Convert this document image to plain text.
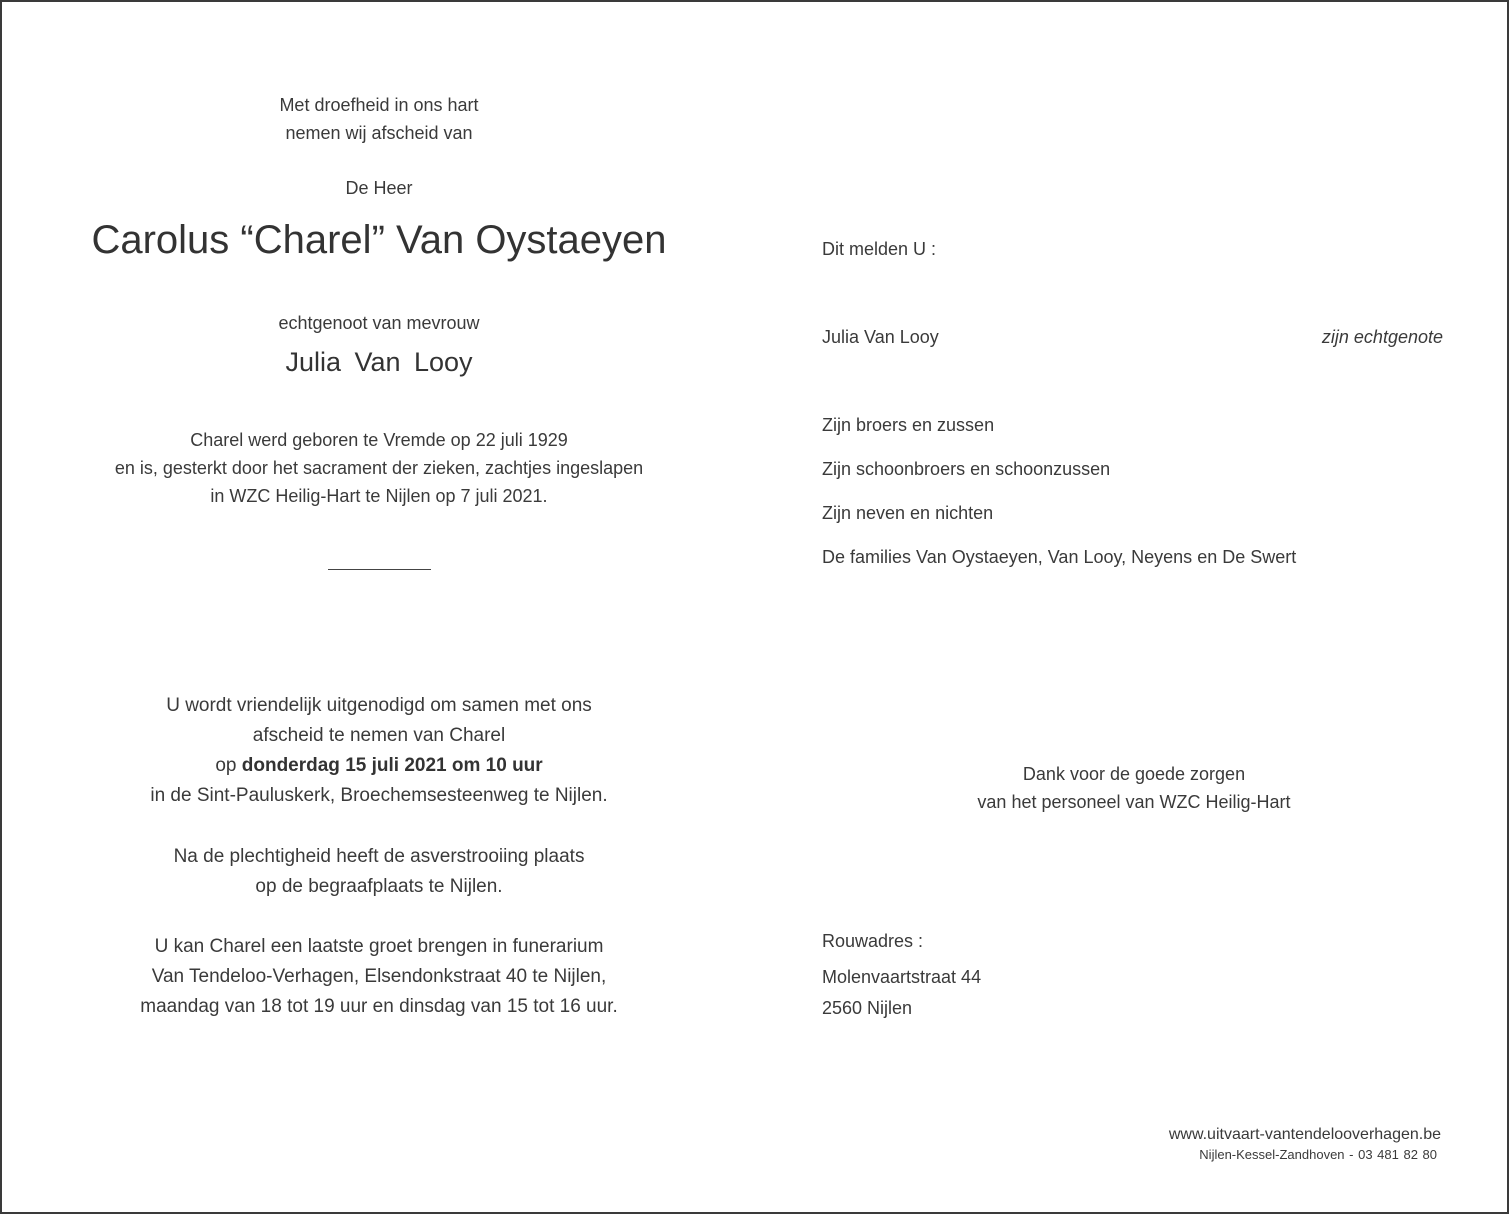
Met droefheid in ons hart
nemen wij afscheid van
De Heer
Carolus “Charel” Van Oystaeyen
echtgenoot van mevrouw
Julia Van Looy
Charel werd geboren te Vremde op 22 juli 1929
en is, gesterkt door het sacrament der zieken, zachtjes ingeslapen
in WZC Heilig-Hart te Nijlen op 7 juli 2021.
U wordt vriendelijk uitgenodigd om samen met ons
afscheid te nemen van Charel
op donderdag 15 juli 2021 om 10 uur
in de Sint-Pauluskerk, Broechemsesteenweg te Nijlen.
Na de plechtigheid heeft de asverstrooiing plaats
op de begraafplaats te Nijlen.
U kan Charel een laatste groet brengen in funerarium
Van Tendeloo-Verhagen, Elsendonkstraat 40 te Nijlen,
maandag van 18 tot 19 uur en dinsdag van 15 tot 16 uur.
Dit melden U :
Julia Van Looy	zijn echtgenote
Zijn broers en zussen
Zijn schoonbroers en schoonzussen
Zijn neven en nichten
De families Van Oystaeyen, Van Looy, Neyens en De Swert
Dank voor de goede zorgen
van het personeel van WZC Heilig-Hart
Rouwadres :
Molenvaartstraat 44
2560 Nijlen
www.uitvaart-vantendelooverhagen.be
Nijlen-Kessel-Zandhoven - 03 481 82 80
